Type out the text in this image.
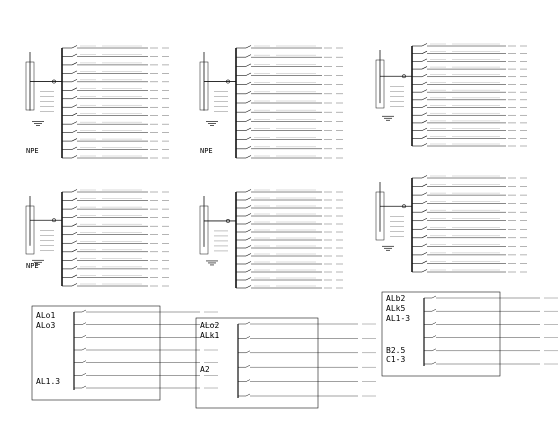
NPE	NPE
NPE
ALo1
ALo3
AL1.3
ALo2
ALk1
A2
ALb2
ALk5
AL1-3
B2.5
C1-3
